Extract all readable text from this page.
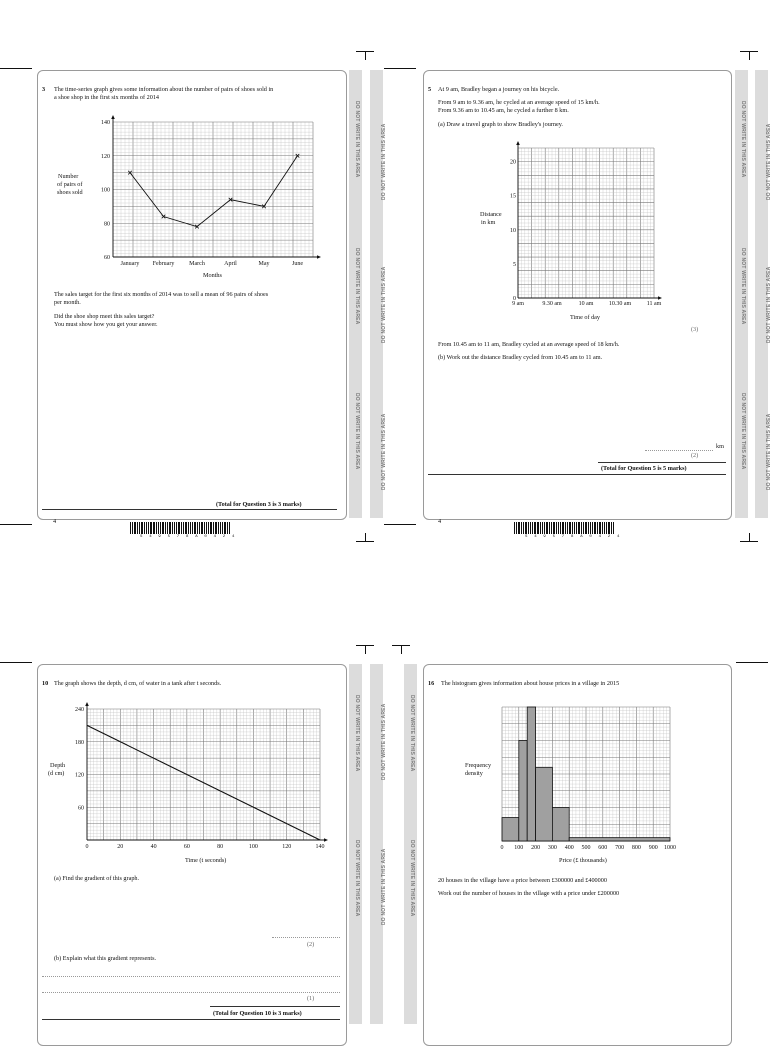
3 The time-series graph gives some information about the number of pairs of shoes sold in
a shoe shop in the first six months of 2014
Number
of pairs of
shoes sold
60
80
100
120
140
January February March	April	May	June
Months
The sales target for the first six months of 2014 was to sell a mean of 96 pairs of shoes
per month.
Did the shoe shop meet this sales target?
You must show how you get your answer.
(Total for Question 3 is 3 marks)
4
S 4 9 5 7 8 A 0 4 2 4
5 At 9 am, Bradley began a journey on his bicycle.
From 9 am to 9.36 am, he cycled at an average speed of 15 km/h.
From 9.36 am to 10.45 am, he cycled a further 8 km.
(a) Draw a travel graph to show Bradley's journey.
Distance
in km
0
5
10
15
20
9 am	9.30 am	10 am	10.30 am	11 am
Time of day
(3)
From 10.45 am to 11 am, Bradley cycled at an average speed of 18 km/h.
(b) Work out the distance Bradley cycled from 10.45 am to 11 am.
km
(2)
(Total for Question 5 is 5 marks)
4
S 4 9 5 7 8 A 0 4 2 4
10 The graph shows the depth, d cm, of water in a tank after t seconds.
Depth
(d cm)
60
120
180
240
0	20	40	60	80	100	120	140
Time (t seconds)
(a) Find the gradient of this graph.
(2)
(b) Explain what this gradient represents.
(1)
(Total for Question 10 is 3 marks)
16 The histogram gives information about house prices in a village in 2015
Frequency
density
0 100 200 300 400 500 600 700 800 900 1000
Price (£ thousands)
20 houses in the village have a price between £300000 and £400000
Work out the number of houses in the village with a price under £200000
DO NOT WRITE IN THIS AREA
DO NOT WRITE IN THIS AREA
DO NOT WRITE IN THIS AREA
DO NOT WRITE IN THIS AREA
DO NOT WRITE IN THIS AREA
DO NOT WRITE IN THIS AREA
DO NOT WRITE IN THIS AREA
DO NOT WRITE IN THIS AREA
DO NOT WRITE IN THIS AREA
DO NOT WRITE IN THIS AREA
DO NOT WRITE IN THIS AREA
DO NOT WRITE IN THIS AREA
DO NOT WRITE IN THIS AREA
DO NOT WRITE IN THIS AREA
DO NOT WRITE IN THIS AREA
DO NOT WRITE IN THIS AREA
DO NOT WRITE IN THIS AREA
DO NOT WRITE IN THIS AREA
